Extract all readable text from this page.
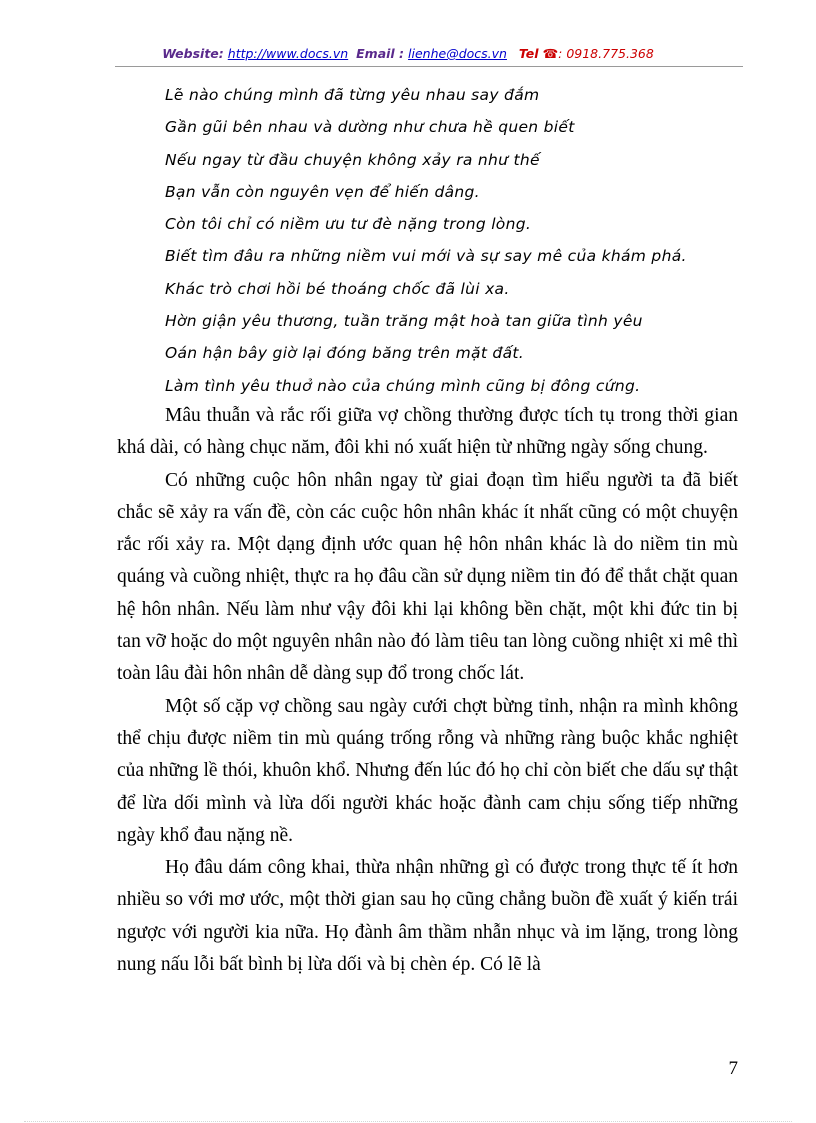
Website: http://www.docs.vn Email : lienhe@docs.vn Tel ☎: 0918.775.368
Lẽ nào chúng mình đã từng yêu nhau say đắm
Gần gũi bên nhau và dường như chưa hề quen biết
Nếu ngay từ đầu chuyện không xảy ra như thế
Bạn vẫn còn nguyên vẹn để hiến dâng.
Còn tôi chỉ có niềm ưu tư đè nặng trong lòng.
Biết tìm đâu ra những niềm vui mới và sự say mê của khám phá.
Khác trò chơi hồi bé thoáng chốc đã lùi xa.
Hờn giận yêu thương, tuần trăng mật hoà tan giữa tình yêu
Oán hận bây giờ lại đóng băng trên mặt đất.
Làm tình yêu thuở nào của chúng mình cũng bị đông cứng.

Mâu thuẫn và rắc rối giữa vợ chồng thường được tích tụ trong thời gian khá dài, có hàng chục năm, đôi khi nó xuất hiện từ những ngày sống chung.

Có những cuộc hôn nhân ngay từ giai đoạn tìm hiểu người ta đã biết chắc sẽ xảy ra vấn đề, còn các cuộc hôn nhân khác ít nhất cũng có một chuyện rắc rối xảy ra. Một dạng định ước quan hệ hôn nhân khác là do niềm tin mù quáng và cuồng nhiệt, thực ra họ đâu cần sử dụng niềm tin đó để thắt chặt quan hệ hôn nhân. Nếu làm như vậy đôi khi lại không bền chặt, một khi đức tin bị tan vỡ hoặc do một nguyên nhân nào đó làm tiêu tan lòng cuồng nhiệt xi mê thì toàn lâu đài hôn nhân dễ dàng sụp đổ trong chốc lát.

Một số cặp vợ chồng sau ngày cưới chợt bừng tỉnh, nhận ra mình không thể chịu được niềm tin mù quáng trống rỗng và những ràng buộc khắc nghiệt của những lề thói, khuôn khổ. Nhưng đến lúc đó họ chỉ còn biết che dấu sự thật để lừa dối mình và lừa dối người khác hoặc đành cam chịu sống tiếp những ngày khổ đau nặng nề.

Họ đâu dám công khai, thừa nhận những gì có được trong thực tế ít hơn nhiều so với mơ ước, một thời gian sau họ cũng chẳng buồn đề xuất ý kiến trái ngược với người kia nữa. Họ đành âm thầm nhẫn nhục và im lặng, trong lòng nung nấu lỗi bất bình bị lừa dối và bị chèn ép. Có lẽ là

7
